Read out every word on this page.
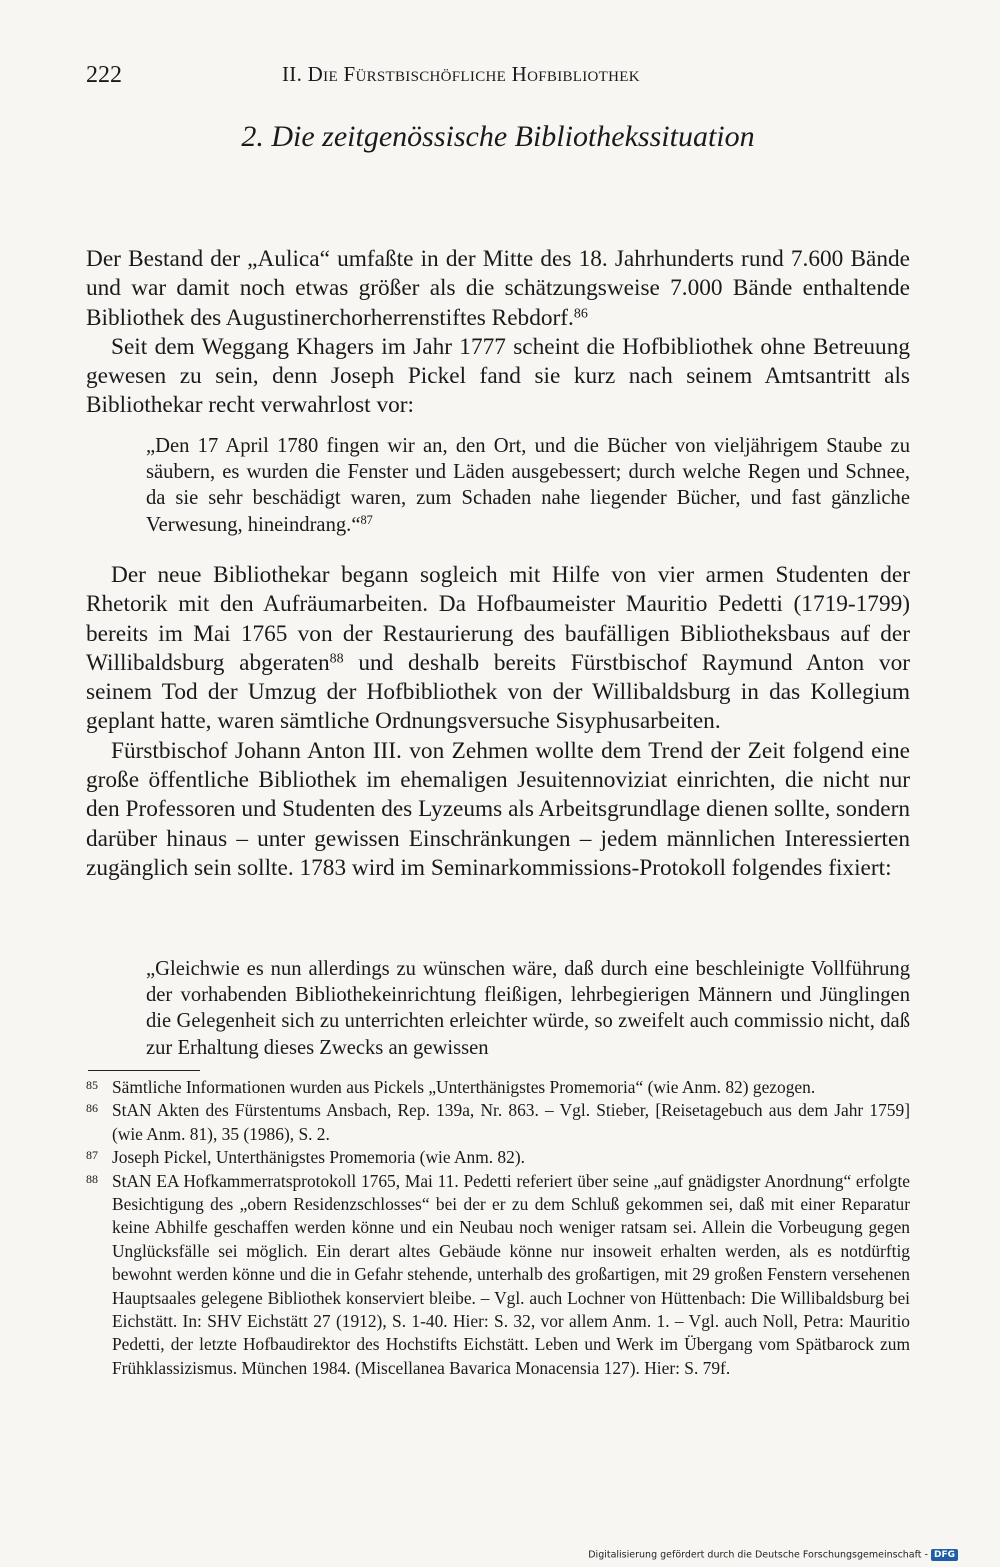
222	II. Die Fürstbischöfliche Hofbibliothek
2. Die zeitgenössische Bibliothekssituation

Der Bestand der „Aulica“ umfaßte in der Mitte des 18. Jahrhunderts rund 7.600 Bände und war damit noch etwas größer als die schätzungsweise 7.000 Bände enthaltende Bibliothek des Augustinerchorherrenstiftes Rebdorf.$^{86}$

Seit dem Weggang Khagers im Jahr 1777 scheint die Hofbibliothek ohne Betreuung gewesen zu sein, denn Joseph Pickel fand sie kurz nach seinem Amtsantritt als Bibliothekar recht verwahrlost vor:

„Den 17 April 1780 fingen wir an, den Ort, und die Bücher von vieljährigem Staube zu säubern, es wurden die Fenster und Läden ausgebessert; durch welche Regen und Schnee, da sie sehr beschädigt waren, zum Schaden nahe liegender Bücher, und fast gänzliche Verwesung, hineindrang.“$^{87}$

Der neue Bibliothekar begann sogleich mit Hilfe von vier armen Studenten der Rhetorik mit den Aufräumarbeiten. Da Hofbaumeister Mauritio Pedetti (1719-1799) bereits im Mai 1765 von der Restaurierung des baufälligen Bibliotheksbaus auf der Willibaldsburg abgeraten$^{88}$ und deshalb bereits Fürstbischof Raymund Anton vor seinem Tod der Umzug der Hofbibliothek von der Willibaldsburg in das Kollegium geplant hatte, waren sämtliche Ordnungsversuche Sisyphusarbeiten.

Fürstbischof Johann Anton III. von Zehmen wollte dem Trend der Zeit folgend eine große öffentliche Bibliothek im ehemaligen Jesuitennoviziat einrichten, die nicht nur den Professoren und Studenten des Lyzeums als Arbeitsgrundlage dienen sollte, sondern darüber hinaus – unter gewissen Einschränkungen – jedem männlichen Interessierten zugänglich sein sollte. 1783 wird im Seminarkommissions-Protokoll folgendes fixiert:

„Gleichwie es nun allerdings zu wünschen wäre, daß durch eine beschleinigte Vollführung der vorhabenden Bibliothekeinrichtung fleißigen, lehrbegierigen Männern und Jünglingen die Gelegenheit sich zu unterrichten erleichter würde, so zweifelt auch commissio nicht, daß zur Erhaltung dieses Zwecks an gewissen

85 Sämtliche Informationen wurden aus Pickels „Unterthänigstes Promemoria“ (wie Anm. 82) gezogen.

86 StAN Akten des Fürstentums Ansbach, Rep. 139a, Nr. 863. – Vgl. Stieber, [Reisetagebuch aus dem Jahr 1759] (wie Anm. 81), 35 (1986), S. 2.

87 Joseph Pickel, Unterthänigstes Promemoria (wie Anm. 82).

88 StAN EA Hofkammerratsprotokoll 1765, Mai 11. Pedetti referiert über seine „auf gnädigster Anordnung“ erfolgte Besichtigung des „obern Residenzschlosses“ bei der er zu dem Schluß gekommen sei, daß mit einer Reparatur keine Abhilfe geschaffen werden könne und ein Neubau noch weniger ratsam sei. Allein die Vorbeugung gegen Unglücksfälle sei möglich. Ein derart altes Gebäude könne nur insoweit erhalten werden, als es notdürftig bewohnt werden könne und die in Gefahr stehende, unterhalb des großartigen, mit 29 großen Fenstern versehenen Hauptsaales gelegene Bibliothek konserviert bleibe. – Vgl. auch Lochner von Hüttenbach: Die Willibaldsburg bei Eichstätt. In: SHV Eichstätt 27 (1912), S. 1-40. Hier: S. 32, vor allem Anm. 1. – Vgl. auch Noll, Petra: Mauritio Pedetti, der letzte Hofbaudirektor des Hochstifts Eichstätt. Leben und Werk im Übergang vom Spätbarock zum Frühklassizismus. München 1984. (Miscellanea Bavarica Monacensia 127). Hier: S. 79f.

Digitalisierung gefördert durch die Deutsche Forschungsgemeinschaft - DFG
